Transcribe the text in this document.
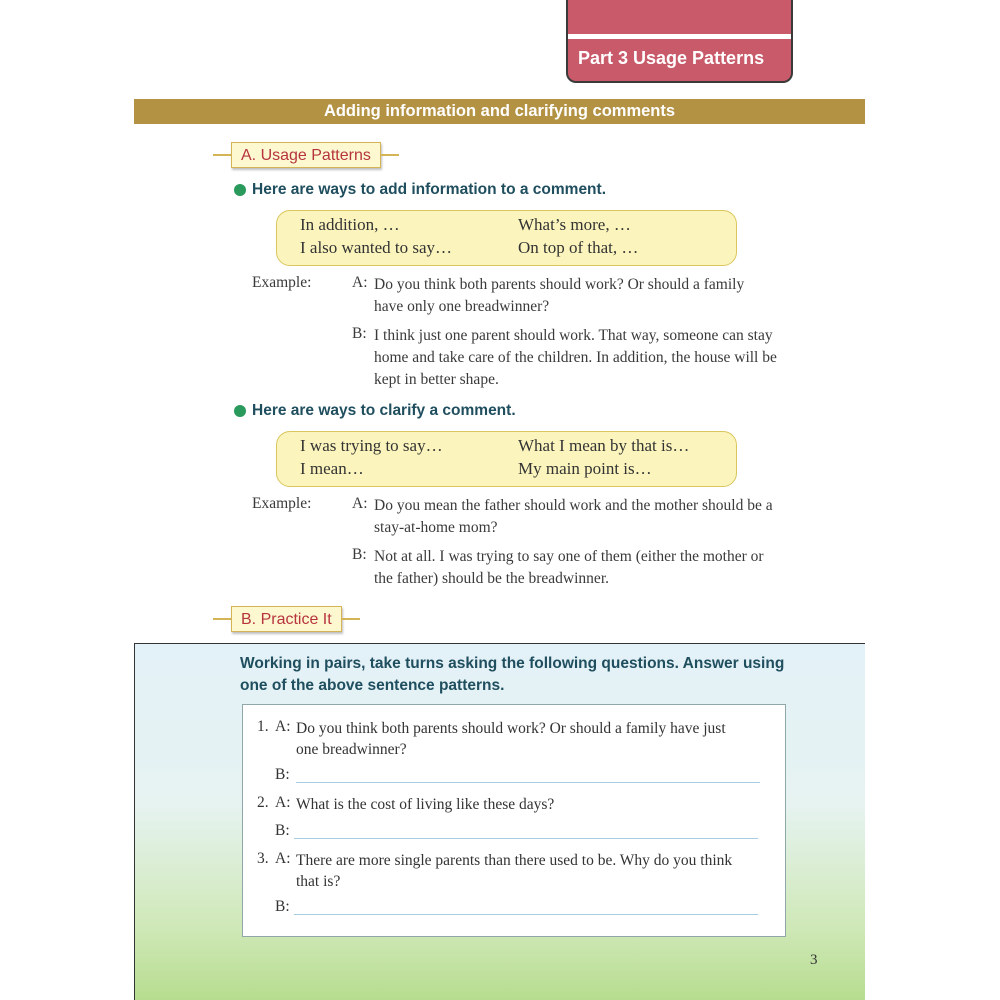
Part 3 Usage Patterns
Adding information and clarifying comments
A. Usage Patterns
Here are ways to add information to a comment.
In addition, …	What’s more, …
I also wanted to say…	On top of that, …
Example:	A: Do you think both parents should work? Or should a family have only one breadwinner?
B: I think just one parent should work. That way, someone can stay home and take care of the children. In addition, the house will be kept in better shape.
Here are ways to clarify a comment.
I was trying to say…	What I mean by that is…
I mean…	My main point is…
Example:	A: Do you mean the father should work and the mother should be a stay-at-home mom?
B: Not at all. I was trying to say one of them (either the mother or the father) should be the breadwinner.
B. Practice It
Working in pairs, take turns asking the following questions. Answer using one of the above sentence patterns.
1. A: Do you think both parents should work? Or should a family have just one breadwinner?
B:
2. A: What is the cost of living like these days?
B:
3. A: There are more single parents than there used to be. Why do you think that is?
B:
3
